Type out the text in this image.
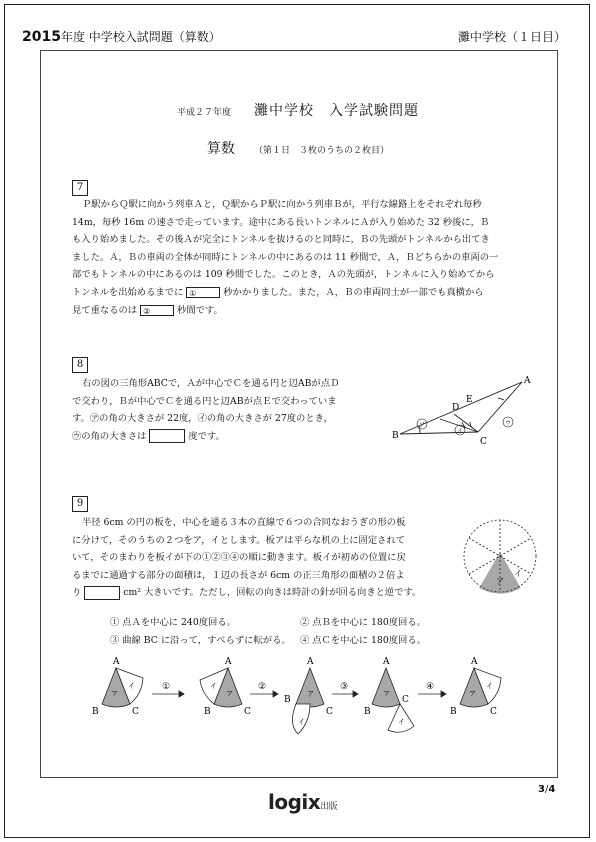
2015年度 中学校入試問題（算数）	灘中学校（１日目）
平成２７年度 灘中学校　入学試験問題
算数 （第１日　３枚のうちの２枚目）
7
Ｐ駅からＱ駅に向かう列車Ａと，Ｑ駅からＰ駅に向かう列車Ｂが，平行な線路上をそれぞれ毎秒
14m，毎秒 16m の速さで走っています。途中にある長いトンネルにＡが入り始めた 32 秒後に，Ｂ
も入り始めました。その後Ａが完全にトンネルを抜けるのと同時に，Ｂの先頭がトンネルから出てき
ました。Ａ，Ｂの車両の全体が同時にトンネルの中にあるのは 11 秒間で，Ａ，Ｂどちらかの車両の一
部でもトンネルの中にあるのは 109 秒間でした。このとき，Ａの先頭が，トンネルに入り始めてから
トンネルを出始めるまでに ①	秒かかりました。また，Ａ，Ｂの車両同士が一部でも真横から
見て重なるのは ②	秒間です。
8
右の図の三角形ABCで，Ａが中心でＣを通る円と辺ABが点Ｄ
で交わり，Ｂが中心でＣを通る円と辺ABが点Ｅで交わっていま
す。㋐の角の大きさが 22度，㋑の角の大きさが 27度のとき，
㋒の角の大きさは	度です。
A
B
C
D
E
ア
イ
ウ
9
半径 6cm の円の板を，中心を通る３本の直線で６つの合同なおうぎの形の板
に分けて，そのうちの２つをア，イとします。板アは平らな机の上に固定されて
いて，そのまわりを板イが下の①②③④の順に動きます。板イが初めの位置に戻
るまでに通過する部分の面積は，１辺の長さが 6cm の正三角形の面積の２倍よ
り	cm² 大きいです。ただし，回転の向きは時計の針が回る向きと逆です。
① 点Ａを中心に 240度回る。	② 点Ｂを中心に 180度回る。
③ 曲線 BC に沿って，すべらずに転がる。 ④ 点Ｃを中心に 180度回る。
ア
イ
A
B	C
ア
イ	①
A
B	C
ア
イ	②
A
B
C
ア
イ
③
A
B
C
ア
イ
④
A
B	C
ア
イ
3∕4
logix出版
